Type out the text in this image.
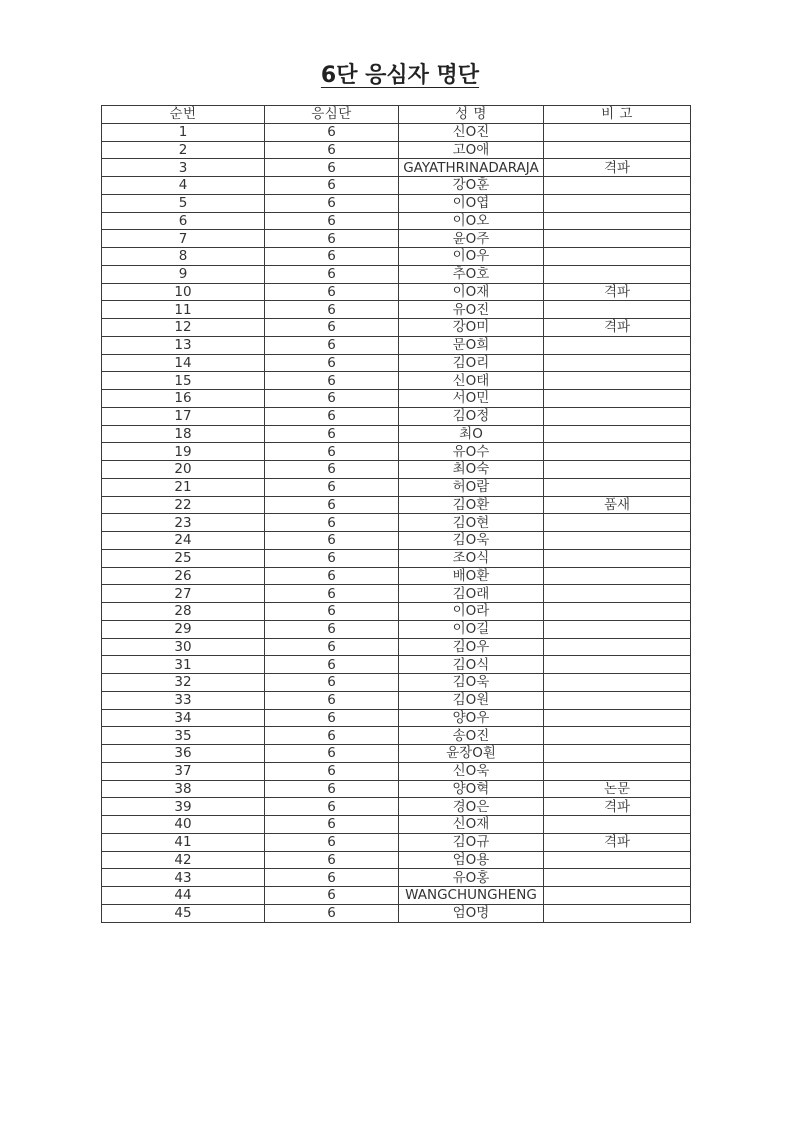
6단 응심자 명단
순번	응심단	성 명	비 고
1	6	신O진	
2	6	고O애	
3	6	GAYATHRINADARAJA	격파
4	6	강O훈	
5	6	이O엽	
6	6	이O오	
7	6	윤O주	
8	6	이O우	
9	6	추O호	
10	6	이O재	격파
11	6	유O진	
12	6	강O미	격파
13	6	문O희	
14	6	김O리	
15	6	신O태	
16	6	서O민	
17	6	김O정	
18	6	최O	
19	6	유O수	
20	6	최O숙	
21	6	허O람	
22	6	김O환	품새
23	6	김O현	
24	6	김O욱	
25	6	조O식	
26	6	배O환	
27	6	김O래	
28	6	이O라	
29	6	이O길	
30	6	김O우	
31	6	김O식	
32	6	김O욱	
33	6	김O원	
34	6	양O우	
35	6	송O진	
36	6	윤장O훤	
37	6	신O욱	
38	6	양O혁	논문
39	6	경O은	격파
40	6	신O재	
41	6	김O규	격파
42	6	엄O용	
43	6	유O홍	
44	6	WANGCHUNGHENG	
45	6	엄O명	
